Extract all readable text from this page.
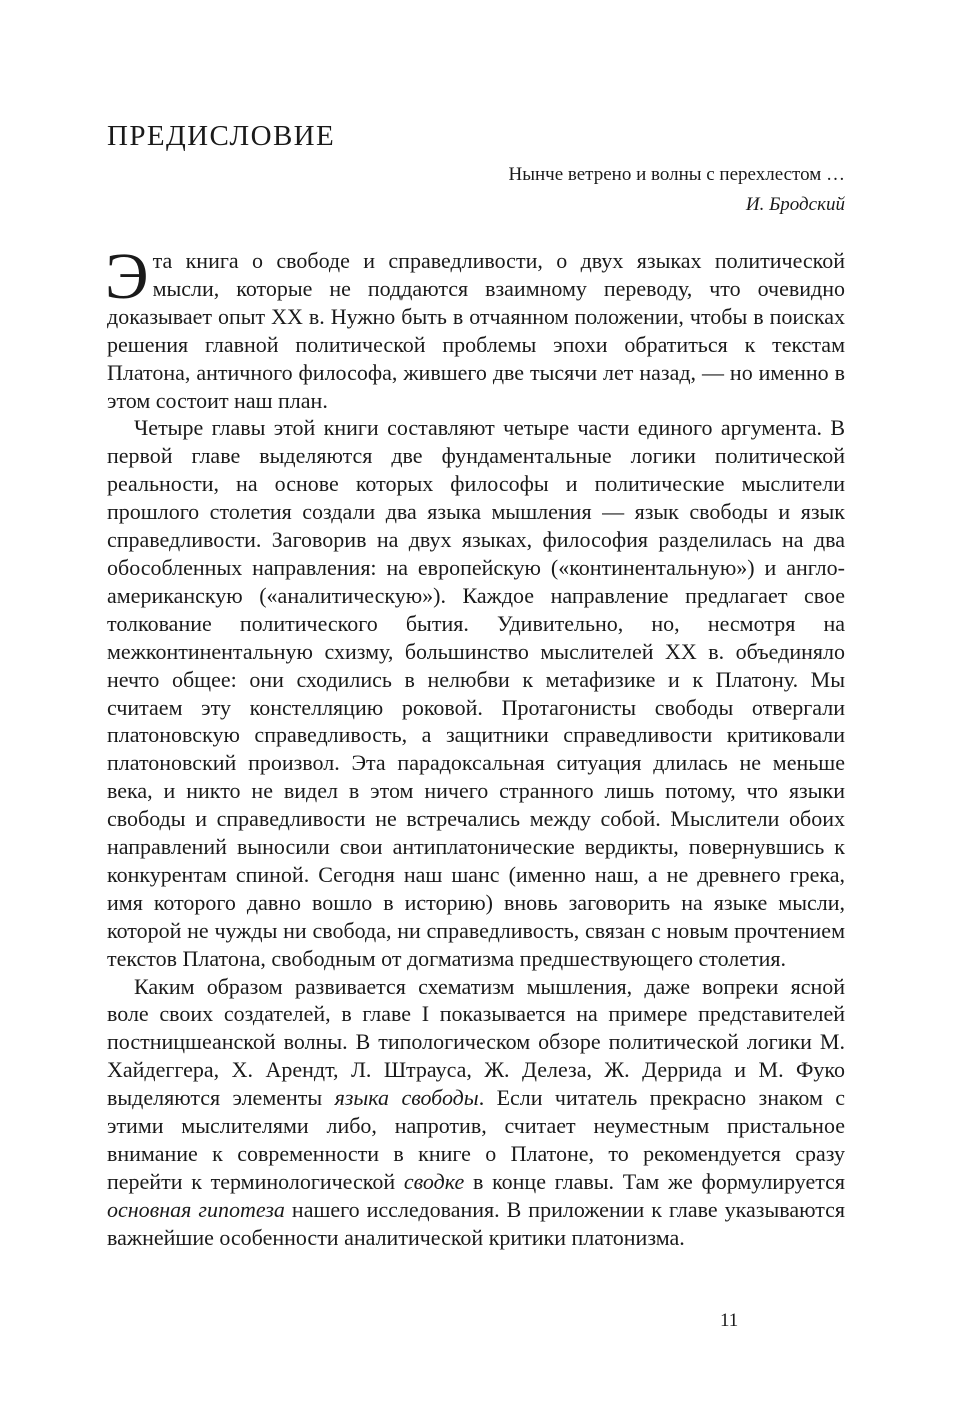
ПРЕДИСЛОВИЕ
Нынче ветрено и волны с перехлестом …
И. Бродский

Эта книга о свободе и справедливости, о двух языках политической мысли, которые не поддаются взаимному переводу, что очевидно доказывает опыт XX в. Нужно быть в отчаянном положении, чтобы в поисках решения главной политической проблемы эпохи обратиться к текстам Платона, античного философа, жившего две тысячи лет назад, — но именно в этом состоит наш план.

Четыре главы этой книги составляют четыре части единого аргумента. В первой главе выделяются две фундаментальные логики политической реальности, на основе которых философы и политические мыслители прошлого столетия создали два языка мышления — язык свободы и язык справедливости. Заговорив на двух языках, философия разделилась на два обособленных направления: на европейскую («континентальную») и англо-американскую («аналитическую»). Каждое направление предлагает свое толкование политического бытия. Удивительно, но, несмотря на межконтинентальную схизму, большинство мыслителей XX в. объединяло нечто общее: они сходились в нелюбви к метафизике и к Платону. Мы считаем эту констелляцию роковой. Протагонисты свободы отвергали платоновскую справедливость, а защитники справедливости критиковали платоновский произвол. Эта парадоксальная ситуация длилась не меньше века, и никто не видел в этом ничего странного лишь потому, что языки свободы и справедливости не встречались между собой. Мыслители обоих направлений выносили свои антиплатонические вердикты, повернувшись к конкурентам спиной. Сегодня наш шанс (именно наш, а не древнего грека, имя которого давно вошло в историю) вновь заговорить на языке мысли, которой не чужды ни свобода, ни справедливость, связан с новым прочтением текстов Платона, свободным от догматизма предшествующего столетия.

Каким образом развивается схематизм мышления, даже вопреки ясной воле своих создателей, в главе I показывается на примере представителей постницшеанской волны. В типологическом обзоре политической логики М. Хайдеггера, Х. Арендт, Л. Штрауса, Ж. Делеза, Ж. Деррида и М. Фуко выделяются элементы языка свободы. Если читатель прекрасно знаком с этими мыслителями либо, напротив, считает неуместным пристальное внимание к современности в книге о Платоне, то рекомендуется сразу перейти к терминологической сводке в конце главы. Там же формулируется основная гипотеза нашего исследования. В приложении к главе указываются важнейшие особенности аналитической критики платонизма.

11
